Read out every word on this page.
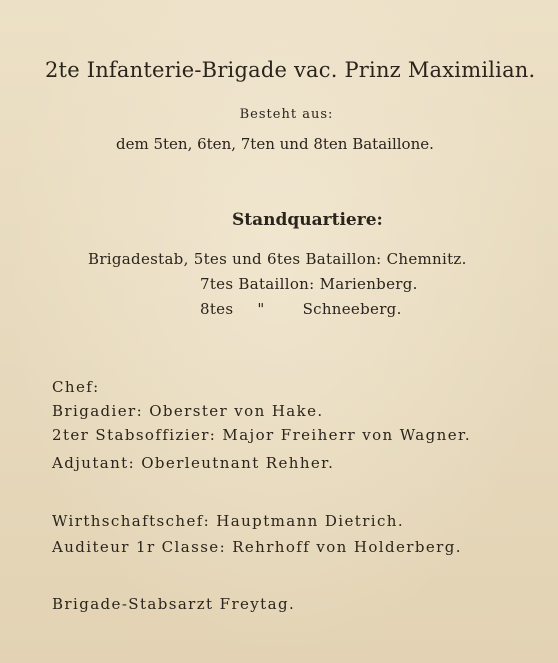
2te Infanterie-Brigade vac. Prinz Maximilian.
Besteht aus:
dem 5ten, 6ten, 7ten und 8ten Bataillone.
Standquartiere:
Brigadestab, 5tes und 6tes Bataillon: Chemnitz.
7tes Bataillon: Marienberg.
8tes "	Schneeberg.
Chef:
Brigadier: Oberster von Hake.
2ter Stabsoffizier: Major Freiherr von Wagner.
Adjutant: Oberleutnant Rehher.
Wirthschaftschef: Hauptmann Dietrich.
Auditeur 1r Classe: Rehrhoff von Holderberg.
Brigade-Stabsarzt Freytag.
